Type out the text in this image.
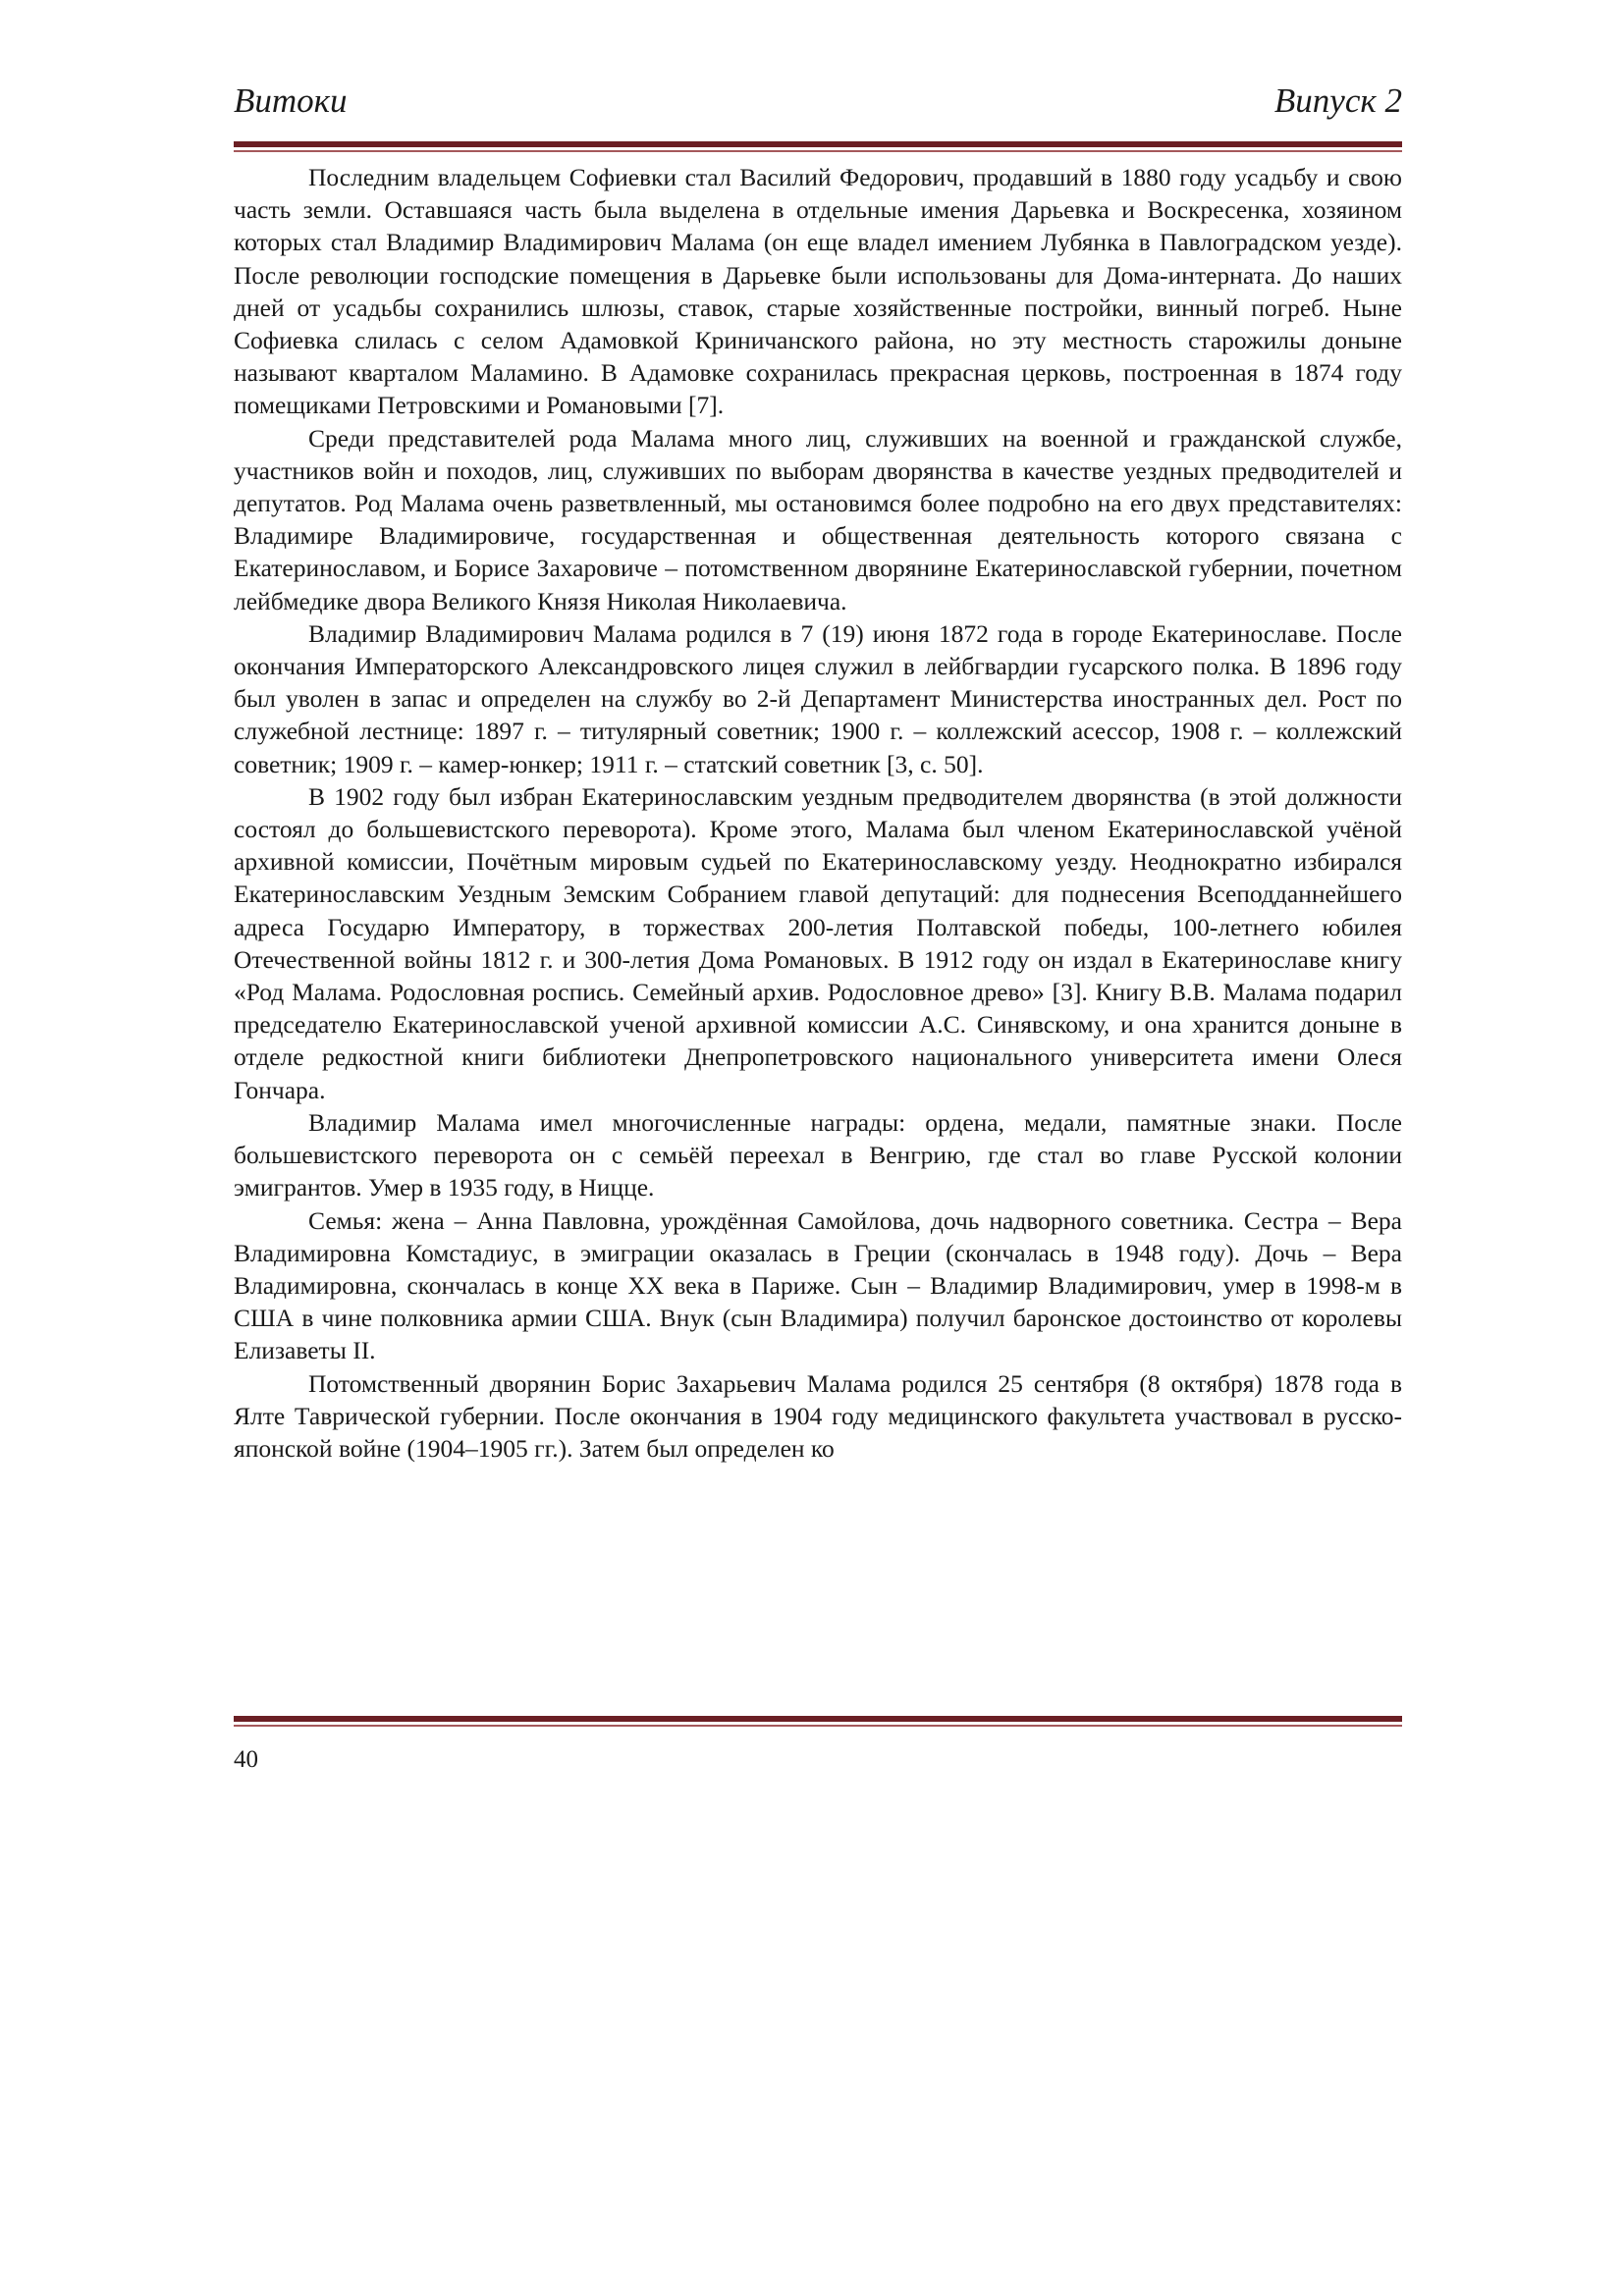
Витоки	Випуск 2

Последним владельцем Софиевки стал Василий Федорович, продавший в 1880 году усадьбу и свою часть земли. Оставшаяся часть была выделена в отдельные имения Дарьевка и Воскресенка, хозяином которых стал Владимир Владимирович Малама (он еще владел имением Лубянка в Павлоградском уезде). После революции господские помещения в Дарьевке были использованы для Дома-интерната. До наших дней от усадьбы сохранились шлюзы, ставок, старые хозяйственные постройки, винный погреб. Ныне Софиевка слилась с селом Адамовкой Криничанского района, но эту местность старожилы доныне называют кварталом Маламино. В Адамовке сохранилась прекрасная церковь, построенная в 1874 году помещиками Петровскими и Романовыми [7].

Среди представителей рода Малама много лиц, служивших на военной и гражданской службе, участников войн и походов, лиц, служивших по выборам дворянства в качестве уездных предводителей и депутатов. Род Малама очень разветвленный, мы остановимся более подробно на его двух представителях: Владимире Владимировиче, государственная и общественная деятельность которого связана с Екатеринославом, и Борисе Захаровиче – потомственном дворянине Екатеринославской губернии, почетном лейбмедике двора Великого Князя Николая Николаевича.

Владимир Владимирович Малама родился в 7 (19) июня 1872 года в городе Екатеринославе. После окончания Императорского Александровского лицея служил в лейбгвардии гусарского полка. В 1896 году был уволен в запас и определен на службу во 2-й Департамент Министерства иностранных дел. Рост по служебной лестнице: 1897 г. – титулярный советник; 1900 г. – коллежский асессор, 1908 г. – коллежский советник; 1909 г. – камер-юнкер; 1911 г. – статский советник [3, с. 50].

В 1902 году был избран Екатеринославским уездным предводителем дворянства (в этой должности состоял до большевистского переворота). Кроме этого, Малама был членом Екатеринославской учёной архивной комиссии, Почётным мировым судьей по Екатеринославскому уезду. Неоднократно избирался Екатеринославским Уездным Земским Собранием главой депутаций: для поднесения Всеподданнейшего адреса Государю Императору, в торжествах 200-летия Полтавской победы, 100-летнего юбилея Отечественной войны 1812 г. и 300-летия Дома Романовых. В 1912 году он издал в Екатеринославе книгу «Род Малама. Родословная роспись. Семейный архив. Родословное древо» [3]. Книгу В.В. Малама подарил председателю Екатеринославской ученой архивной комиссии А.С. Синявскому, и она хранится доныне в отделе редкостной книги библиотеки Днепропетровского национального университета имени Олеся Гончара.

Владимир Малама имел многочисленные награды: ордена, медали, памятные знаки. После большевистского переворота он с семьёй переехал в Венгрию, где стал во главе Русской колонии эмигрантов. Умер в 1935 году, в Ницце.

Семья: жена – Анна Павловна, урождённая Самойлова, дочь надворного советника. Сестра – Вера Владимировна Комстадиус, в эмиграции оказалась в Греции (скончалась в 1948 году). Дочь – Вера Владимировна, скончалась в конце XX века в Париже. Сын – Владимир Владимирович, умер в 1998-м в США в чине полковника армии США. Внук (сын Владимира) получил баронское достоинство от королевы Елизаветы II.

Потомственный дворянин Борис Захарьевич Малама родился 25 сентября (8 октября) 1878 года в Ялте Таврической губернии. После окончания в 1904 году медицинского факультета участвовал в русско-японской войне (1904–1905 гг.). Затем был определен ко

40
